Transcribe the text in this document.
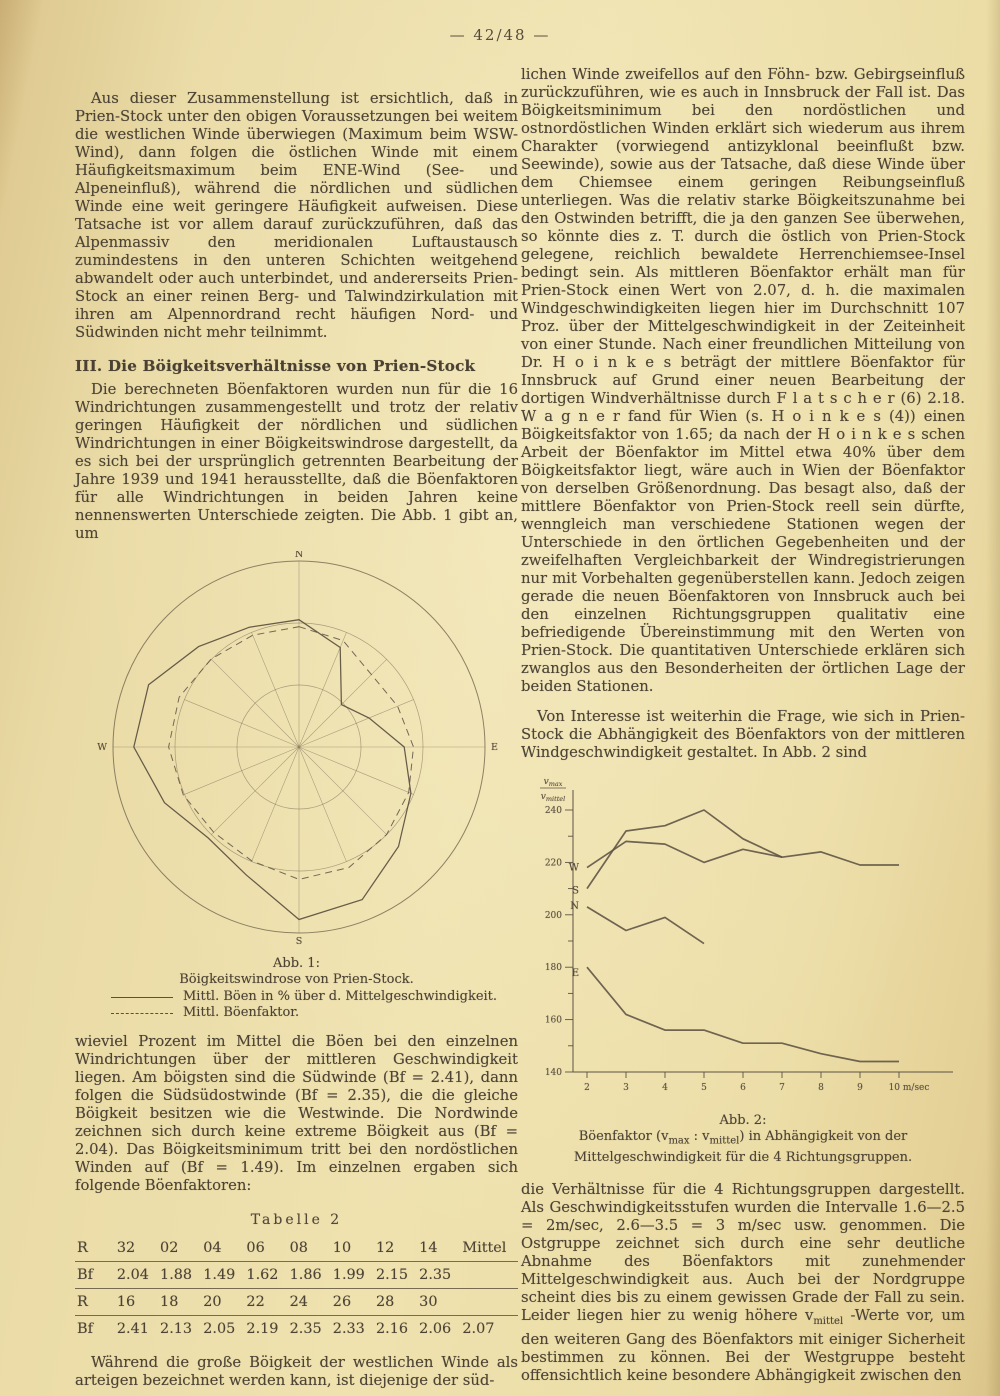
— 42/48 —

Aus dieser Zusammenstellung ist ersichtlich, daß in Prien-Stock unter den obigen Voraussetzungen bei weitem die westlichen Winde überwiegen (Maximum beim WSW-Wind), dann folgen die östlichen Winde mit einem Häufigkeitsmaximum beim ENE-Wind (See- und Alpeneinfluß), während die nördlichen und südlichen Winde eine weit geringere Häufigkeit aufweisen. Diese Tatsache ist vor allem darauf zurückzuführen, daß das Alpenmassiv den meridionalen Luftaustausch zumindestens in den unteren Schichten weitgehend abwandelt oder auch unterbindet, und andererseits Prien-Stock an einer reinen Berg- und Talwindzirkulation mit ihren am Alpennordrand recht häufigen Nord- und Südwinden nicht mehr teilnimmt.

III. Die Böigkeitsverhältnisse von Prien-Stock

Die berechneten Böenfaktoren wurden nun für die 16 Windrichtungen zusammengestellt und trotz der relativ geringen Häufigkeit der nördlichen und südlichen Windrichtungen in einer Böigkeitswindrose dargestellt, da es sich bei der ursprünglich getrennten Bearbeitung der Jahre 1939 und 1941 herausstellte, daß die Böenfaktoren für alle Windrichtungen in beiden Jahren keine nennenswerten Unterschiede zeigten. Die Abb. 1 gibt an, um

N
S
W	E
Abb. 1:
Böigkeitswindrose von Prien-Stock.
Mittl. Böen in % über d. Mittelgeschwindigkeit.
Mittl. Böenfaktor.

wieviel Prozent im Mittel die Böen bei den einzelnen Windrichtungen über der mittleren Geschwindigkeit liegen. Am böigsten sind die Südwinde (Bf = 2.41), dann folgen die Südsüdostwinde (Bf = 2.35), die die gleiche Böigkeit besitzen wie die Westwinde. Die Nordwinde zeichnen sich durch keine extreme Böigkeit aus (Bf = 2.04). Das Böigkeitsminimum tritt bei den nordöstlichen Winden auf (Bf = 1.49). Im einzelnen ergaben sich folgende Böenfaktoren:

Tabelle 2
R	32	02	04	06	08	10	12	14	Mittel
Bf	2.04	1.88	1.49	1.62	1.86	1.99	2.15	2.35	
R	16	18	20	22	24	26	28	30	
Bf	2.41	2.13	2.05	2.19	2.35	2.33	2.16	2.06	2.07

Während die große Böigkeit der westlichen Winde als arteigen bezeichnet werden kann, ist diejenige der süd-

lichen Winde zweifellos auf den Föhn- bzw. Gebirgseinfluß zurückzuführen, wie es auch in Innsbruck der Fall ist. Das Böigkeitsminimum bei den nordöstlichen und ostnordöstlichen Winden erklärt sich wiederum aus ihrem Charakter (vorwiegend antizyklonal beeinflußt bzw. Seewinde), sowie aus der Tatsache, daß diese Winde über dem Chiemsee einem geringen Reibungseinfluß unterliegen. Was die relativ starke Böigkeitszunahme bei den Ostwinden betrifft, die ja den ganzen See überwehen, so könnte dies z. T. durch die östlich von Prien-Stock gelegene, reichlich bewaldete Herrenchiemsee-Insel bedingt sein. Als mittleren Böenfaktor erhält man für Prien-Stock einen Wert von 2.07, d. h. die maximalen Windgeschwindigkeiten liegen hier im Durchschnitt 107 Proz. über der Mittelgeschwindigkeit in der Zeiteinheit von einer Stunde. Nach einer freundlichen Mitteilung von Dr. H o i n k e s beträgt der mittlere Böenfaktor für Innsbruck auf Grund einer neuen Bearbeitung der dortigen Windverhältnisse durch F l a t s c h e r (6) 2.18. W a g n e r fand für Wien (s. H o i n k e s (4)) einen Böigkeitsfaktor von 1.65; da nach der H o i n k e s schen Arbeit der Böenfaktor im Mittel etwa 40% über dem Böigkeitsfaktor liegt, wäre auch in Wien der Böenfaktor von derselben Größenordnung. Das besagt also, daß der mittlere Böenfaktor von Prien-Stock reell sein dürfte, wenngleich man verschiedene Stationen wegen der Unterschiede in den örtlichen Gegebenheiten und der zweifelhaften Vergleichbarkeit der Windregistrierungen nur mit Vorbehalten gegenüberstellen kann. Jedoch zeigen gerade die neuen Böenfaktoren von Innsbruck auch bei den einzelnen Richtungsgruppen qualitativ eine befriedigende Übereinstimmung mit den Werten von Prien-Stock. Die quantitativen Unterschiede erklären sich zwanglos aus den Besonderheiten der örtlichen Lage der beiden Stationen.

Von Interesse ist weiterhin die Frage, wie sich in Prien-Stock die Abhängigkeit des Böenfaktors von der mittleren Windgeschwindigkeit gestaltet. In Abb. 2 sind

140
160
180
200
220
240
2	3	4	5	6	7	8	9	10 m/sec
$v_{max}$
$v_{mittel}$
W
S
N
E
Abb. 2:
Böenfaktor ($v_{max}$ : $v_{mittel}$) in Abhängigkeit von der
Mittelgeschwindigkeit für die 4 Richtungsgruppen.

die Verhältnisse für die 4 Richtungsgruppen dargestellt. Als Geschwindigkeitsstufen wurden die Intervalle 1.6—2.5 = 2m/sec, 2.6—3.5 = 3 m/sec usw. genommen. Die Ostgruppe zeichnet sich durch eine sehr deutliche Abnahme des Böenfaktors mit zunehmender Mittelgeschwindigkeit aus. Auch bei der Nordgruppe scheint dies bis zu einem gewissen Grade der Fall zu sein. Leider liegen hier zu wenig höhere $v_{mittel}$ -Werte vor, um den weiteren Gang des Böenfaktors mit einiger Sicherheit bestimmen zu können. Bei der Westgruppe besteht offensichtlich keine besondere Abhängigkeit zwischen den
